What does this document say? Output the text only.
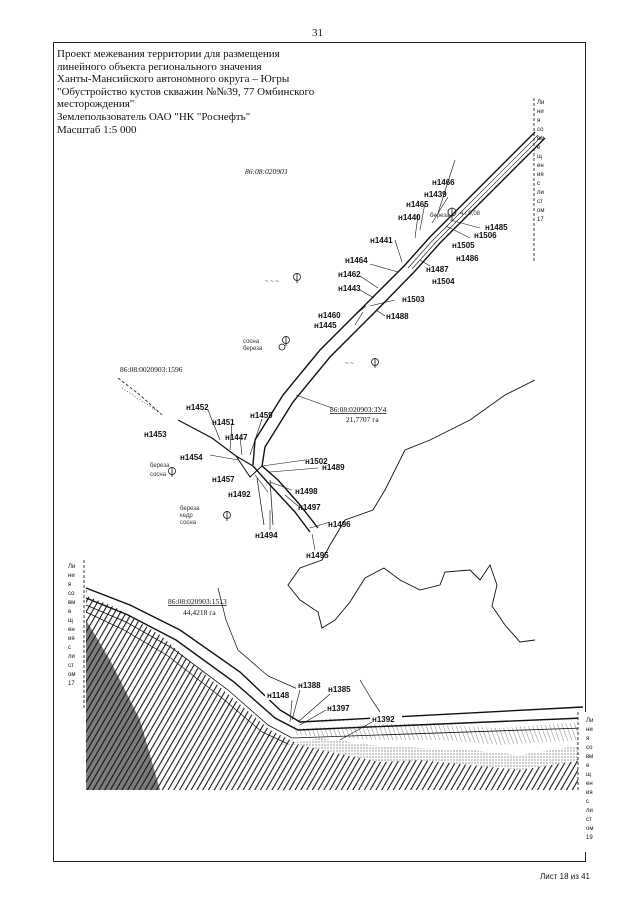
31
Проект межевания территории для размещения
линейного объекта регионального значения
Ханты-Мансийского автономного округа – Югры
"Обустройство кустов скважин №№39, 77 Омбинского
месторождения"
Землепользователь ОАО "НК "Роснефть"
Масштаб 1:5 000
86:08:020903
Ли
ни
я
со
вм
е
щ
ен
ия
с
ли
ст
ом
17
береза 4 / 0,08
сосна
береза
~ ~ ~
~ ~
береза
сосна
береза
кедр
сосна
86:08:0020903:1596
86:08:020903:ЗУ4
21,7707 га
н1466
н1439
н1465
н1440
н1485
н1506
н1441
н1505
н1486
н1464
н1487
н1462
н1504
н1443
н1503
н1488
н1460
н1445
н1452
н1451
н1459
н1453	н1447
н1454	н1502
н1489
н1457
н1492	н1498
н1497
н1496
н1494
н1495
86:08:020903:1513
44,4218 га
н1388 н1385
н1148
н1397
н1392
Ли
ни
я
со
вм
е
щ
ен
ия
с
ли
ст
ом
17
Ли
ни
я
со
вм
е
щ
ен
ия
с
ли
ст
ом
19
Лист 18 из 41
